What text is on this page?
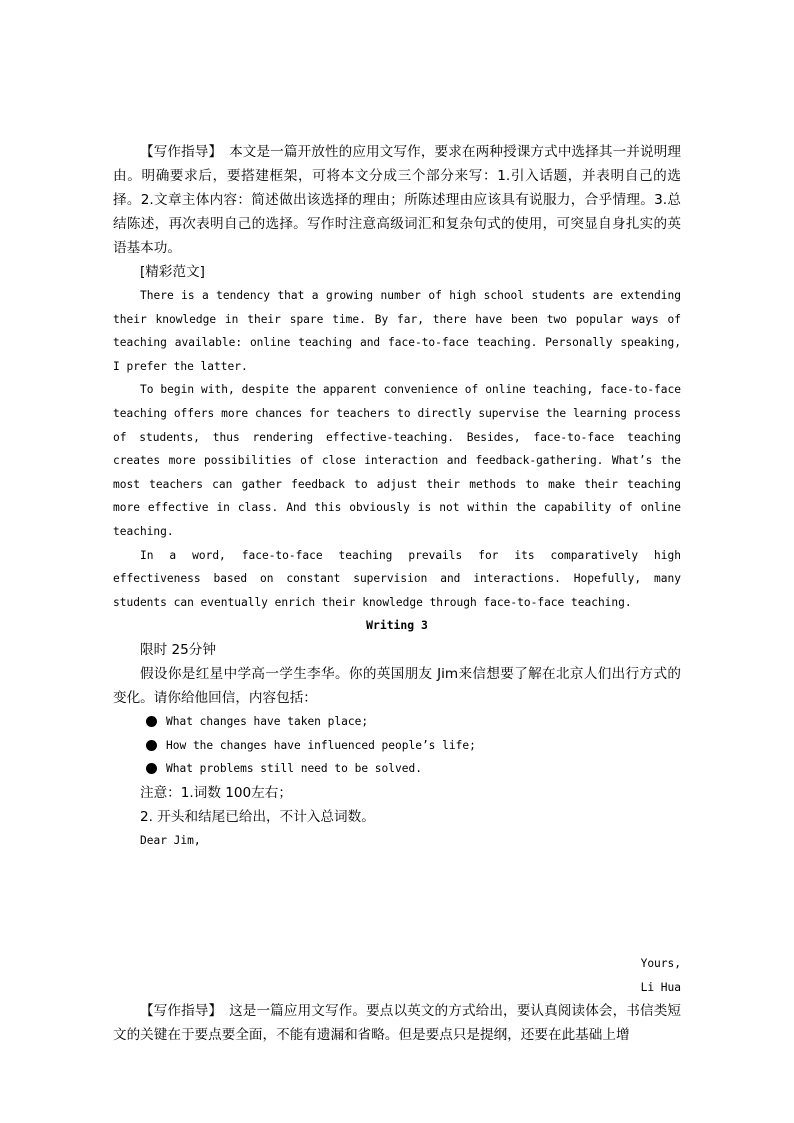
【写作指导】　本文是一篇开放性的应用文写作，要求在两种授课方式中选择其一并说明理由。明确要求后，要搭建框架，可将本文分成三个部分来写：1.引入话题，并表明自己的选择。2.文章主体内容：简述做出该选择的理由；所陈述理由应该具有说服力，合乎情理。3.总结陈述，再次表明自己的选择。写作时注意高级词汇和复杂句式的使用，可突显自身扎实的英语基本功。

[精彩范文]

There is a tendency that a growing number of high school students are extending their knowledge in their spare time. By far, there have been two popular ways of teaching available: online teaching and face-to-face teaching. Personally speaking, I prefer the latter.

To begin with, despite the apparent convenience of online teaching, face-to-face teaching offers more chances for teachers to directly supervise the learning process of students, thus rendering effective-teaching. Besides, face-to-face teaching creates more possibilities of close interaction and feedback-gathering. What’s the most teachers can gather feedback to adjust their methods to make their teaching more effective in class. And this obviously is not within the capability of online teaching.

In a word, face-to-face teaching prevails for its comparatively high effectiveness based on constant supervision and interactions. Hopefully, many students can eventually enrich their knowledge through face-to-face teaching.

Writing 3

限时 25分钟

假设你是红星中学高一学生李华。你的英国朋友 Jim来信想要了解在北京人们出行方式的变化。请你给他回信，内容包括：

What changes have taken place;
How the changes have influenced people’s life;
What problems still need to be solved.

注意：1.词数 100左右；

2. 开头和结尾已给出，不计入总词数。

Dear Jim,

Yours,

Li Hua

【写作指导】　这是一篇应用文写作。要点以英文的方式给出，要认真阅读体会，书信类短文的关键在于要点要全面，不能有遗漏和省略。但是要点只是提纲，还要在此基础上增
